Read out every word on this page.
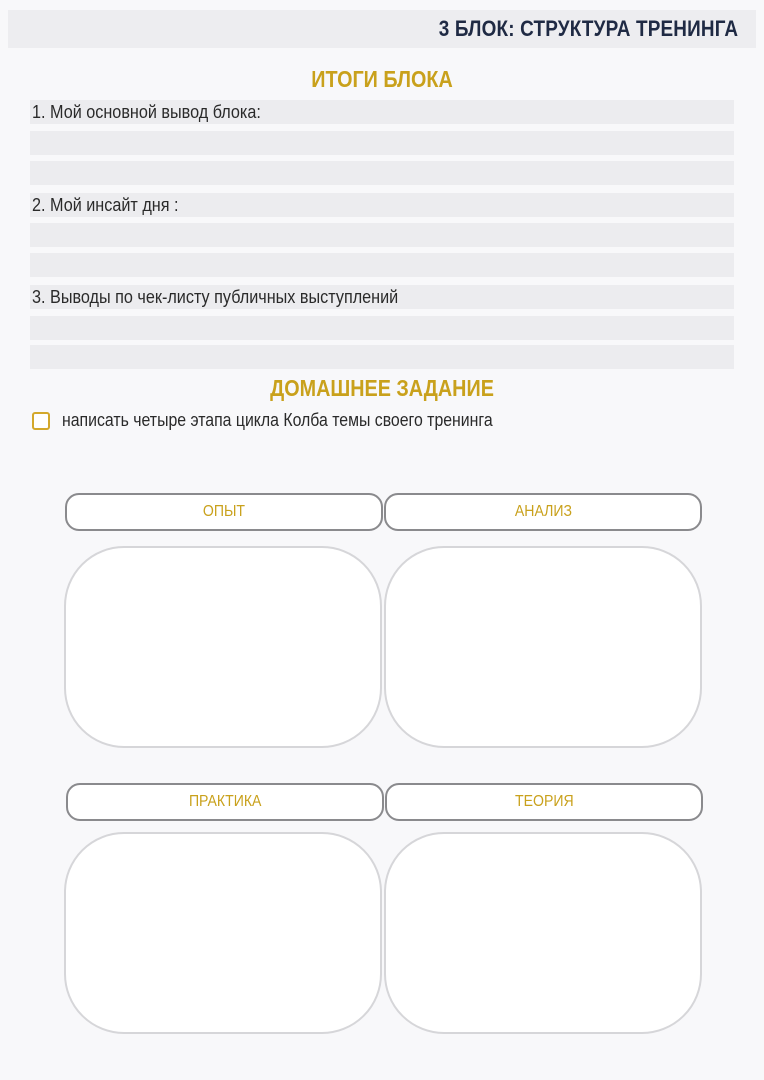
3 БЛОК: СТРУКТУРА ТРЕНИНГА
ИТОГИ БЛОКА
1. Мой основной вывод блока:
2. Мой инсайт дня :
3. Выводы по чек-листу публичных выступлений
ДОМАШНЕЕ ЗАДАНИЕ
написать четыре этапа цикла Колба темы своего тренинга
ОПЫТ	АНАЛИЗ
ПРАКТИКА	ТЕОРИЯ
